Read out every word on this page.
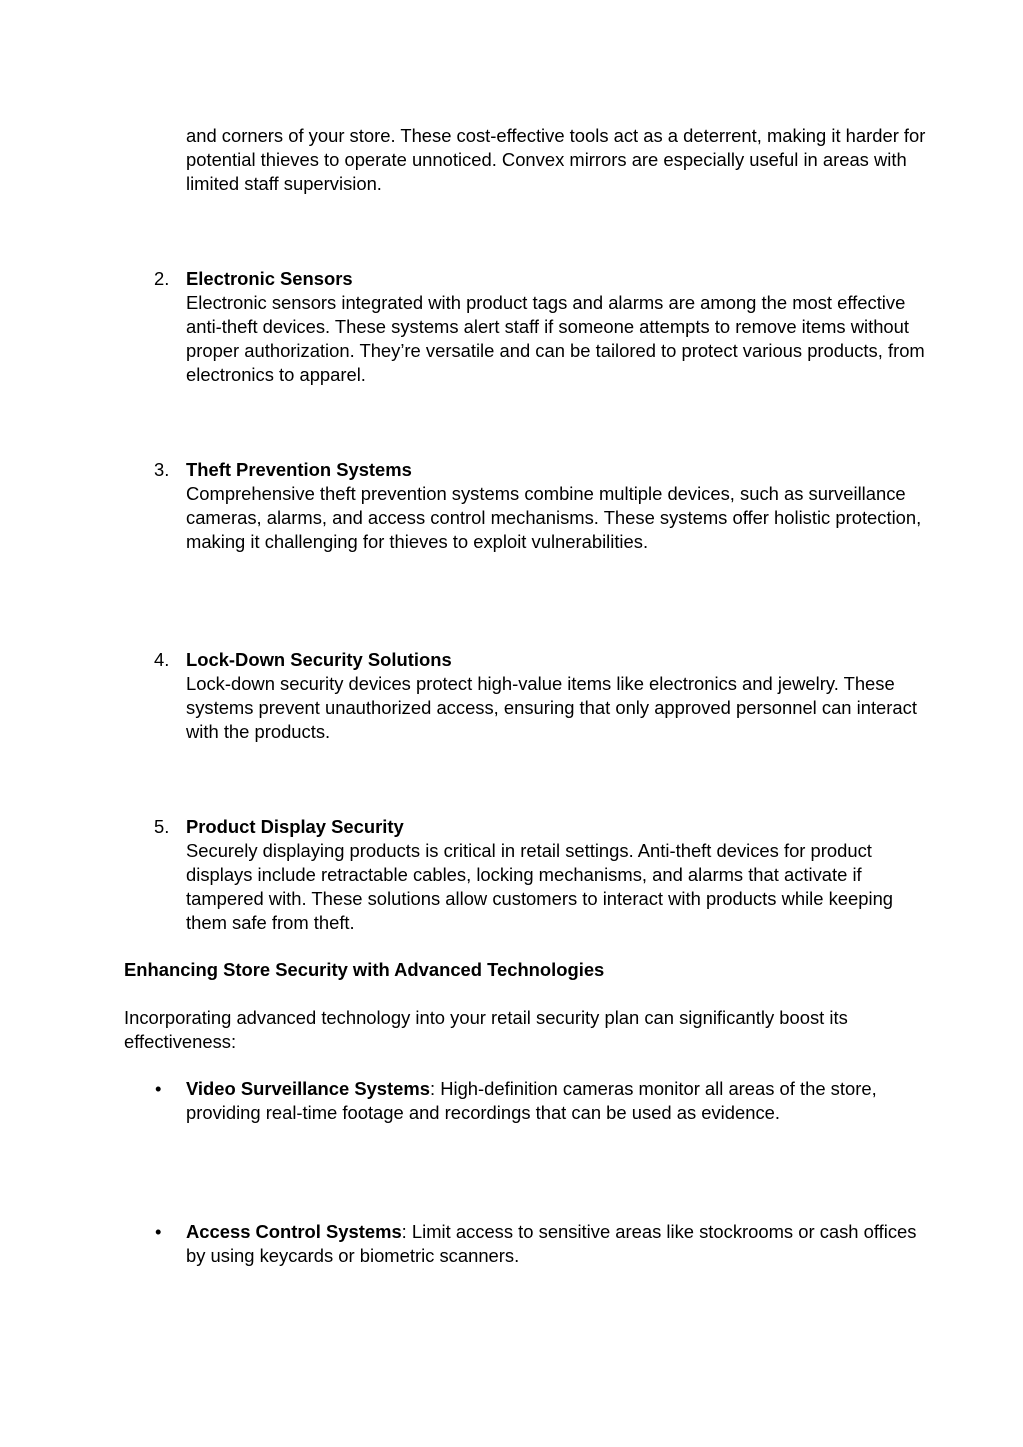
and corners of your store. These cost-effective tools act as a deterrent, making it harder for potential thieves to operate unnoticed. Convex mirrors are especially useful in areas with limited staff supervision.

2. Electronic Sensors
Electronic sensors integrated with product tags and alarms are among the most effective anti-theft devices. These systems alert staff if someone attempts to remove items without proper authorization. They’re versatile and can be tailored to protect various products, from electronics to apparel.
3. Theft Prevention Systems
Comprehensive theft prevention systems combine multiple devices, such as surveillance cameras, alarms, and access control mechanisms. These systems offer holistic protection, making it challenging for thieves to exploit vulnerabilities.
4. Lock-Down Security Solutions
Lock-down security devices protect high-value items like electronics and jewelry. These systems prevent unauthorized access, ensuring that only approved personnel can interact with the products.
5. Product Display Security
Securely displaying products is critical in retail settings. Anti-theft devices for product displays include retractable cables, locking mechanisms, and alarms that activate if tampered with. These solutions allow customers to interact with products while keeping them safe from theft.
Enhancing Store Security with Advanced Technologies

Incorporating advanced technology into your retail security plan can significantly boost its effectiveness:

• Video Surveillance Systems: High-definition cameras monitor all areas of the store, providing real-time footage and recordings that can be used as evidence.

• Access Control Systems: Limit access to sensitive areas like stockrooms or cash offices by using keycards or biometric scanners.
